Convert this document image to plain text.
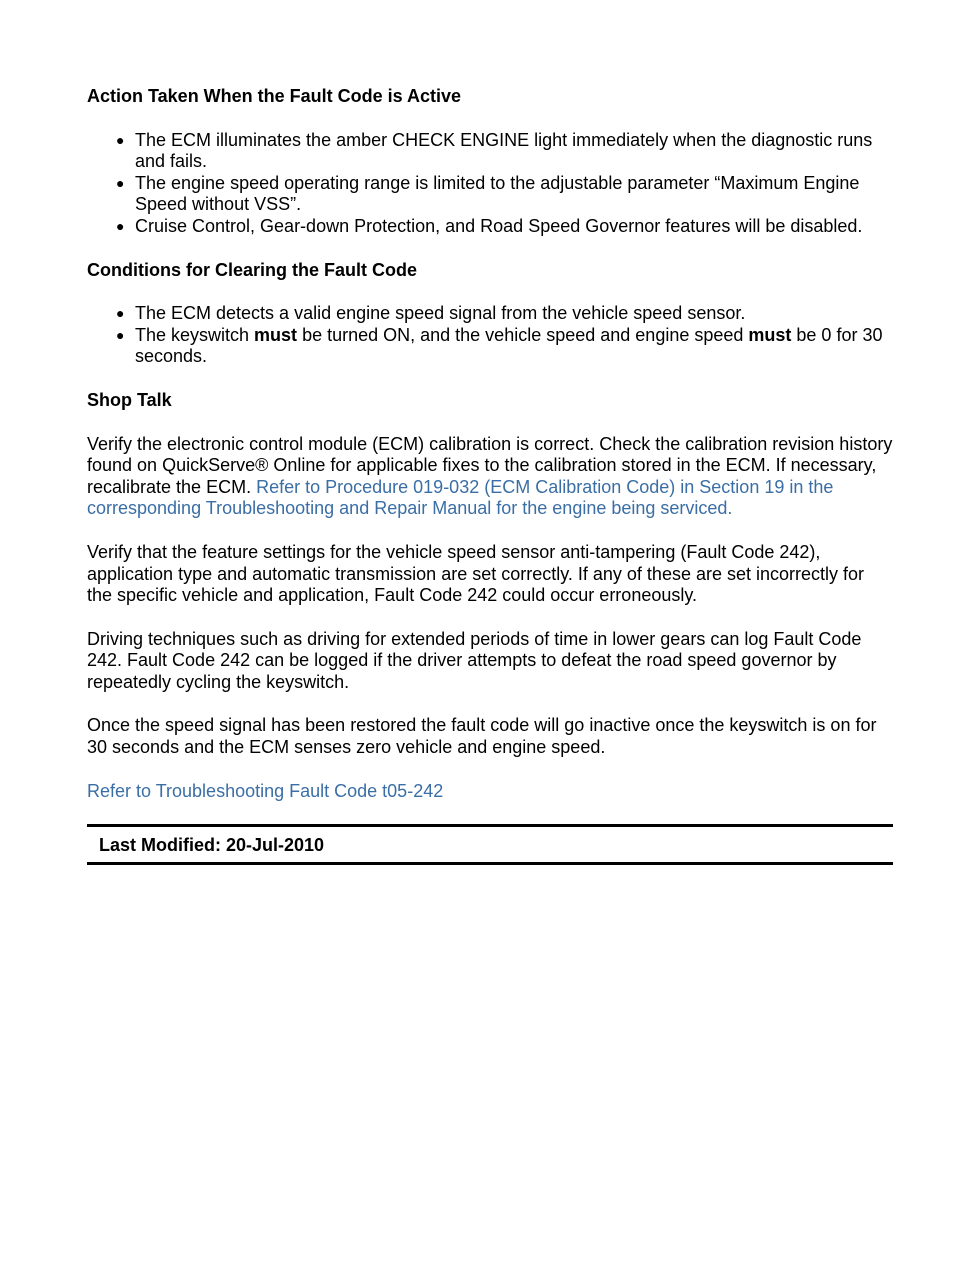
Action Taken When the Fault Code is Active
● The ECM illuminates the amber CHECK ENGINE light immediately when the diagnostic runs and fails.
● The engine speed operating range is limited to the adjustable parameter “Maximum Engine Speed without VSS”.
● Cruise Control, Gear-down Protection, and Road Speed Governor features will be disabled.
Conditions for Clearing the Fault Code
● The ECM detects a valid engine speed signal from the vehicle speed sensor.
● The keyswitch must be turned ON, and the vehicle speed and engine speed must be 0 for 30 seconds.
Shop Talk

Verify the electronic control module (ECM) calibration is correct. Check the calibration revision history found on QuickServe® Online for applicable fixes to the calibration stored in the ECM. If necessary, recalibrate the ECM. Refer to Procedure 019-032 (ECM Calibration Code) in Section 19 in the corresponding Troubleshooting and Repair Manual for the engine being serviced.

Verify that the feature settings for the vehicle speed sensor anti-tampering (Fault Code 242), application type and automatic transmission are set correctly. If any of these are set incorrectly for the specific vehicle and application, Fault Code 242 could occur erroneously.

Driving techniques such as driving for extended periods of time in lower gears can log Fault Code 242. Fault Code 242 can be logged if the driver attempts to defeat the road speed governor by repeatedly cycling the keyswitch.

Once the speed signal has been restored the fault code will go inactive once the keyswitch is on for 30 seconds and the ECM senses zero vehicle and engine speed.

Refer to Troubleshooting Fault Code t05-242

Last Modified: 20-Jul-2010
